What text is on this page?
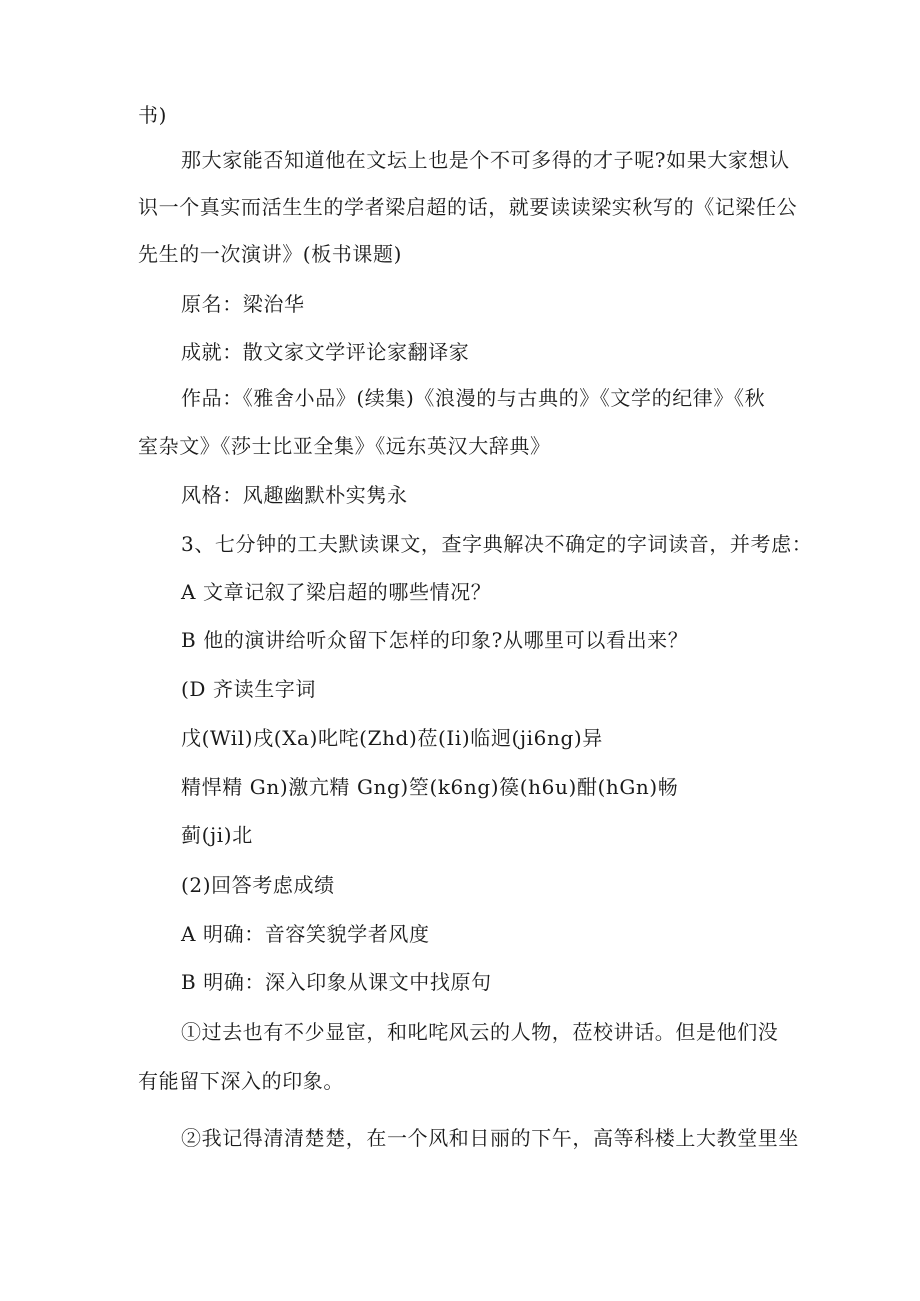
书)
那大家能否知道他在文坛上也是个不可多得的才子呢?如果大家想认
识一个真实而活生生的学者梁启超的话，就要读读梁实秋写的《记梁任公
先生的一次演讲》(板书课题)
原名：梁治华
成就：散文家文学评论家翻译家
作品：《雅舍小品》(续集)《浪漫的与古典的》《文学的纪律》《秋
室杂文》《莎士比亚全集》《远东英汉大辞典》
风格：风趣幽默朴实隽永
3、七分钟的工夫默读课文，查字典解决不确定的字词读音，并考虑：
A 文章记叙了梁启超的哪些情况？
B 他的演讲给听众留下怎样的印象?从哪里可以看出来？
(D 齐读生字词
戊(Wil)戌(Xa)叱咤(Zhd)莅(Ii)临迥(ji6ng)异
精悍精 Gn)激亢精 Gng)箜(k6ng)篌(h6u)酣(hGn)畅
蓟(ji)北
(2)回答考虑成绩
A 明确：音容笑貌学者风度
B 明确：深入印象从课文中找原句
①过去也有不少显宦，和叱咤风云的人物，莅校讲话。但是他们没
有能留下深入的印象。
②我记得清清楚楚，在一个风和日丽的下午，高等科楼上大教堂里坐
